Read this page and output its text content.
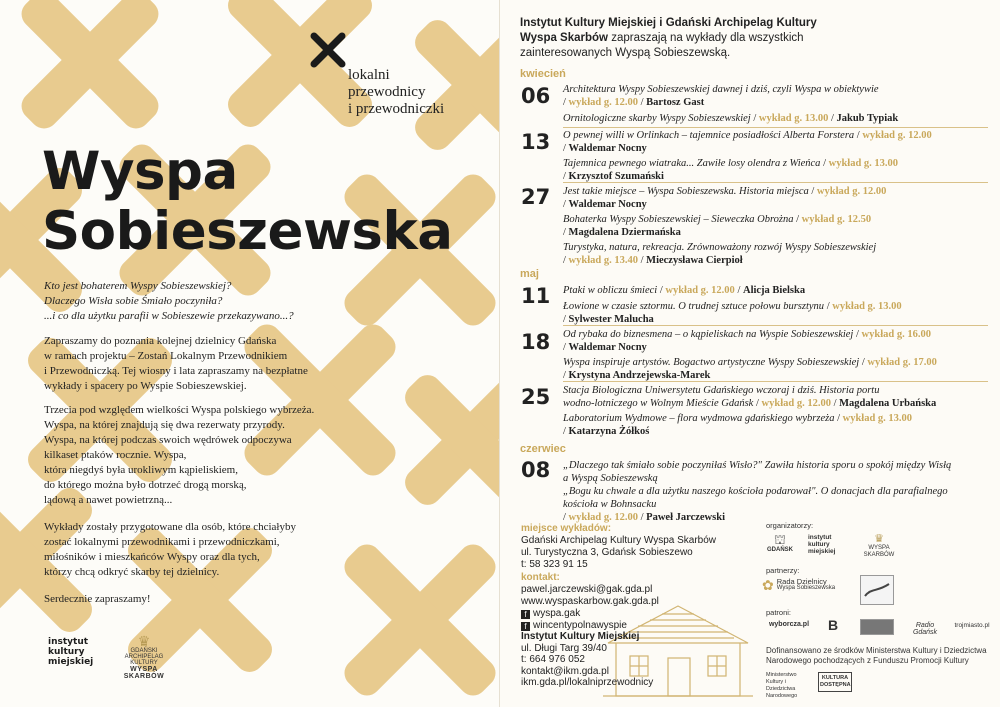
lokalni
przewodnicy
i przewodniczki
Wyspa
Sobieszewska
Kto jest bohaterem Wyspy Sobieszewskiej?
Dlaczego Wisła sobie Śmiało poczyniła?
...i co dla użytku parafii w Sobieszewie przekazywano...?
Zapraszamy do poznania kolejnej dzielnicy Gdańska
w ramach projektu – Zostań Lokalnym Przewodnikiem
i Przewodniczką. Tej wiosny i lata zapraszamy na bezpłatne
wykłady i spacery po Wyspie Sobieszewskiej.
Trzecia pod względem wielkości Wyspa polskiego wybrzeża.
Wyspa, na której znajdują się dwa rezerwaty przyrody.
Wyspa, na której podczas swoich wędrówek odpoczywa
kilkaset ptaków rocznie. Wyspa,
która niegdyś była urokliwym kąpieliskiem,
do którego można było dotrzeć drogą morską,
lądową a nawet powietrzną...
Wykłady zostały przygotowane dla osób, które chciałyby
zostać lokalnymi przewodnikami i przewodniczkami,
miłośników i mieszkańców Wyspy oraz dla tych,
którzy chcą odkryć skarby tej dzielnicy.
Serdecznie zapraszamy!
instytut
kultury
miejskiej
♛
GDAŃSKI ARCHIPELAG KULTURY
WYSPA SKARBÓW
Instytut Kultury Miejskiej i Gdański Archipelag Kultury
Wyspa Skarbów zapraszają na wykłady dla wszystkich
zainteresowanych Wyspą Sobieszewską.
kwiecień
maj
czerwiec
06
13
27
11
18
25
08
Architektura Wyspy Sobieszewskiej dawnej i dziś, czyli Wyspa w obiektywie
/ wykład g. 12.00 / Bartosz Gast
Ornitologiczne skarby Wyspy Sobieszewskiej / wykład g. 13.00 / Jakub Typiak
O pewnej willi w Orlinkach – tajemnice posiadłości Alberta Forstera / wykład g. 12.00
/ Waldemar Nocny
Tajemnica pewnego wiatraka... Zawiłe losy olendra z Wieńca / wykład g. 13.00
/ Krzysztof Szumański
Jest takie miejsce – Wyspa Sobieszewska. Historia miejsca / wykład g. 12.00
/ Waldemar Nocny
Bohaterka Wyspy Sobieszewskiej – Sieweczka Obrożna / wykład g. 12.50
/ Magdalena Dziermańska
Turystyka, natura, rekreacja. Zrównoważony rozwój Wyspy Sobieszewskiej
/ wykład g. 13.40 / Mieczysława Cierpioł
Ptaki w obliczu śmieci / wykład g. 12.00 / Alicja Bielska
Łowione w czasie sztormu. O trudnej sztuce połowu bursztynu / wykład g. 13.00
/ Sylwester Malucha
Od rybaka do biznesmena – o kąpieliskach na Wyspie Sobieszewskiej / wykład g. 16.00
/ Waldemar Nocny
Wyspa inspiruje artystów. Bogactwo artystyczne Wyspy Sobieszewskiej / wykład g. 17.00
/ Krystyna Andrzejewska-Marek
Stacja Biologiczna Uniwersytetu Gdańskiego wczoraj i dziś. Historia portu
wodno-lotniczego w Wolnym Mieście Gdańsk / wykład g. 12.00 / Magdalena Urbańska
Laboratorium Wydmowe – flora wydmowa gdańskiego wybrzeża / wykład g. 13.00
/ Katarzyna Żółkoś
„Dlaczego tak śmiało sobie poczyniłaś Wisło?" Zawiła historia sporu o spokój między Wisłą
a Wyspą Sobieszewską
„Bogu ku chwale a dla użytku naszego kościoła podarował". O donacjach dla parafialnego
kościoła w Bohnsacku
/ wykład g. 12.00 / Paweł Jarczewski
miejsce wykładów:
Gdański Archipelag Kultury Wyspa Skarbów
ul. Turystyczna 3, Gdańsk Sobieszewo
t: 58 323 91 15
kontakt:
pawel.jarczewski@gak.gda.pl
www.wyspaskarbow.gak.gda.pl
f wyspa.gak
f wincentypolnawyspie
Instytut Kultury Miejskiej
ul. Długi Targ 39/40
t: 664 976 052
kontakt@ikm.gda.pl
ikm.gda.pl/lokalniprzewodnicy
organizatorzy:
⛫
GDAŃSK
instytut kultury miejskiej
♛
WYSPA SKARBÓW
partnerzy:
✿ Rada Dzielnicy
Wyspa Sobieszewska
patroni:
wyborcza.pl	B	Radio Gdańsk
trojmiasto.pl
Dofinansowano ze środków Ministerstwa Kultury i Dziedzictwa Narodowego pochodzących z Funduszu Promocji Kultury
Ministerstwo Kultury i Dziedzictwa Narodowego
KULTURA DOSTĘPNA
